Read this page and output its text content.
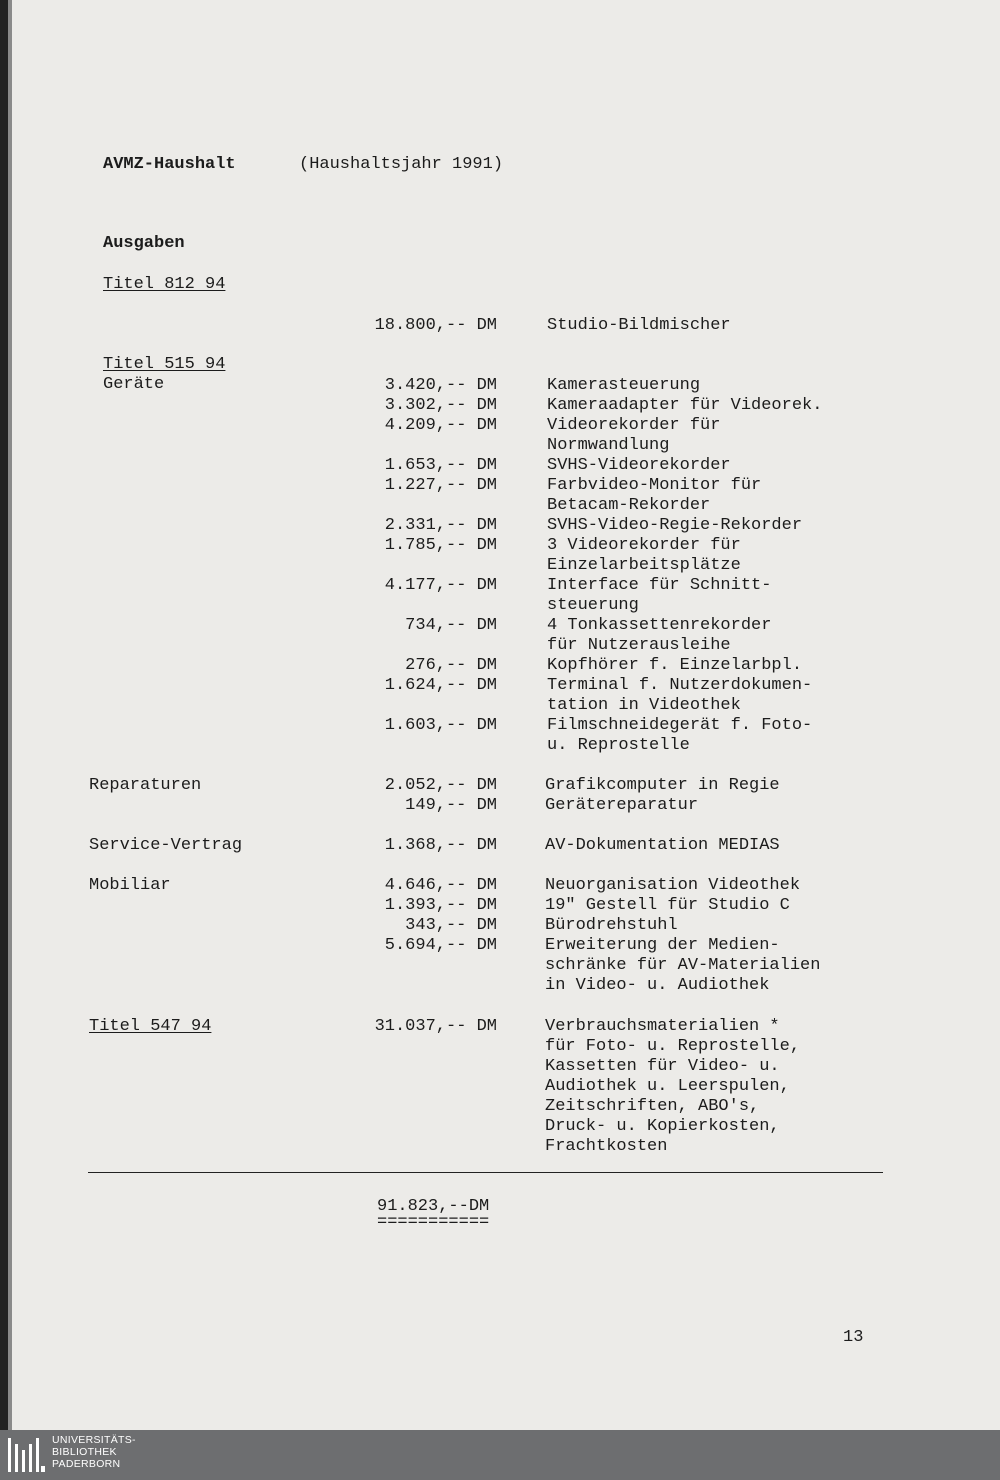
AVMZ-Haushalt	(Haushaltsjahr 1991)
Ausgaben
Titel 812 94
18.800,-- DM	Studio-Bildmischer
Titel 515 94
Geräte	3.420,-- DM	Kamerasteuerung
3.302,-- DM	Kameraadapter für Videorek.
4.209,-- DM	Videorekorder für
Normwandlung
1.653,-- DM	SVHS-Videorekorder
1.227,-- DM	Farbvideo-Monitor für
Betacam-Rekorder
2.331,-- DM	SVHS-Video-Regie-Rekorder
1.785,-- DM	3 Videorekorder für
Einzelarbeitsplätze
4.177,-- DM	Interface für Schnitt-
steuerung
734,-- DM	4 Tonkassettenrekorder
für Nutzerausleihe
276,-- DM	Kopfhörer f. Einzelarbpl.
1.624,-- DM	Terminal f. Nutzerdokumen-
tation in Videothek
1.603,-- DM	Filmschneidegerät f. Foto-
u. Reprostelle
Reparaturen	2.052,-- DM	Grafikcomputer in Regie
149,-- DM	Gerätereparatur
Service-Vertrag	1.368,-- DM	AV-Dokumentation MEDIAS
Mobiliar	4.646,-- DM	Neuorganisation Videothek
1.393,-- DM	19" Gestell für Studio C
343,-- DM	Bürodrehstuhl
5.694,-- DM	Erweiterung der Medien-
schränke für AV-Materialien
in Video- u. Audiothek
Titel 547 94	31.037,-- DM	Verbrauchsmaterialien *
für Foto- u. Reprostelle,
Kassetten für Video- u.
Audiothek u. Leerspulen,
Zeitschriften, ABO's,
Druck- u. Kopierkosten,
Frachtkosten
91.823,--DM
===========
13
UNIVERSITÄTS-
BIBLIOTHEK
PADERBORN
